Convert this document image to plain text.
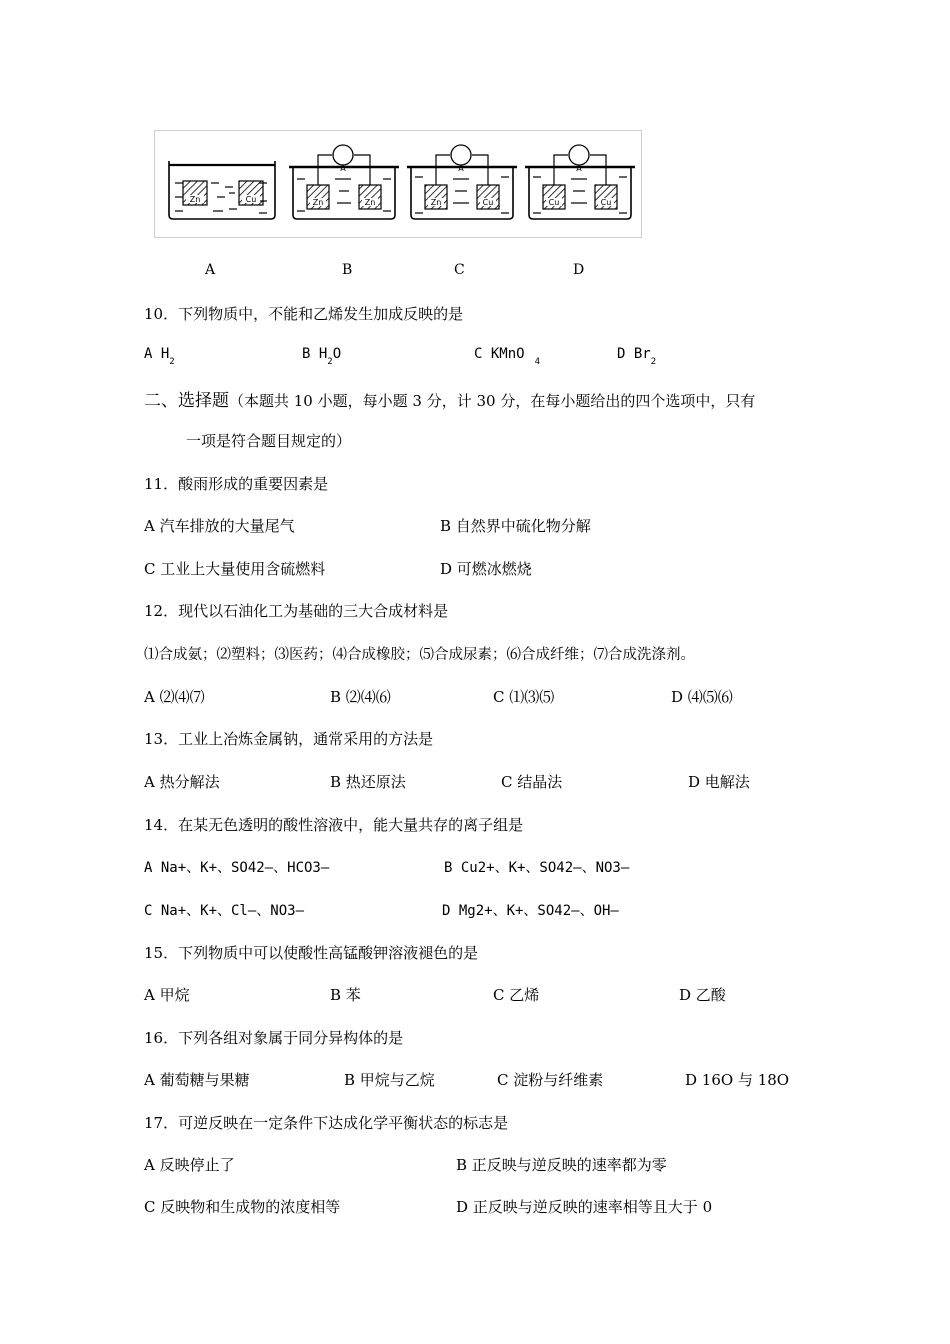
Zn	Cu
A
Zn	Zn
A
Zn	Cu
A
Cu	Cu
A	B	C	D
10．下列物质中，不能和乙烯发生加成反映的是
A $H_2$	B $H_2O$	C KMnO $_4$	D $Br_2$
二、选择题（本题共 10 小题，每小题 3 分，计 30 分，在每小题给出的四个选项中，只有
一项是符合题目规定的）
11．酸雨形成的重要因素是
A 汽车排放的大量尾气	B 自然界中硫化物分解
C 工业上大量使用含硫燃料	D 可燃冰燃烧
12．现代以石油化工为基础的三大合成材料是
⑴合成氨；⑵塑料；⑶医药；⑷合成橡胶；⑸合成尿素；⑹合成纤维；⑺合成洗涤剂。
A ⑵⑷⑺	B ⑵⑷⑹	C ⑴⑶⑸	D ⑷⑸⑹
13．工业上冶炼金属钠，通常采用的方法是
A 热分解法	B 热还原法	C 结晶法	D 电解法
14．在某无色透明的酸性溶液中，能大量共存的离子组是
A Na+、K+、SO42—、HCO3—	B Cu2+、K+、SO42—、NO3—
C Na+、K+、Cl—、NO3—	D Mg2+、K+、SO42—、OH—
15．下列物质中可以使酸性高锰酸钾溶液褪色的是
A 甲烷	B 苯	C 乙烯	D 乙酸
16．下列各组对象属于同分异构体的是
A 葡萄糖与果糖	B 甲烷与乙烷	C 淀粉与纤维素	D 16O 与 18O
17．可逆反映在一定条件下达成化学平衡状态的标志是
A 反映停止了	B 正反映与逆反映的速率都为零
C 反映物和生成物的浓度相等	D 正反映与逆反映的速率相等且大于 0
